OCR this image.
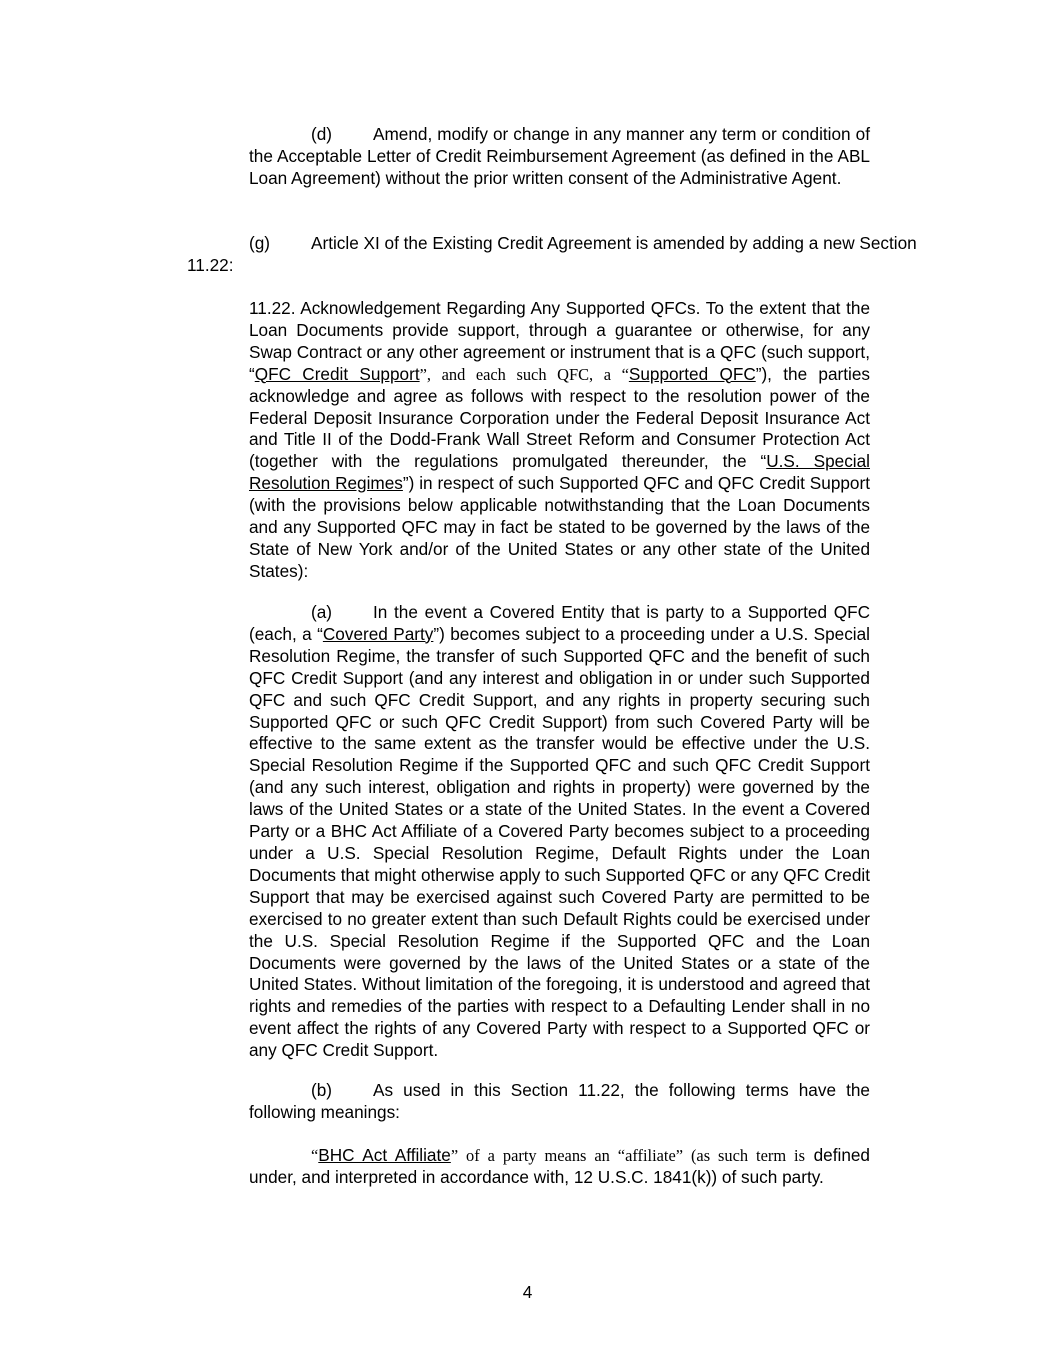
(d) Amend, modify or change in any manner any term or condition of the Acceptable Letter of Credit Reimbursement Agreement (as defined in the ABL Loan Agreement) without the prior written consent of the Administrative Agent.

(g) Article XI of the Existing Credit Agreement is amended by adding a new Section

11.22:

11.22. Acknowledgement Regarding Any Supported QFCs. To the extent that the Loan Documents provide support, through a guarantee or otherwise, for any Swap Contract or any other agreement or instrument that is a QFC (such support, “QFC Credit Support”, and each such QFC, a “Supported QFC”), the parties acknowledge and agree as follows with respect to the resolution power of the Federal Deposit Insurance Corporation under the Federal Deposit Insurance Act and Title II of the Dodd-Frank Wall Street Reform and Consumer Protection Act (together with the regulations promulgated thereunder, the “U.S. Special Resolution Regimes”) in respect of such Supported QFC and QFC Credit Support (with the provisions below applicable notwithstanding that the Loan Documents and any Supported QFC may in fact be stated to be governed by the laws of the State of New York and/or of the United States or any other state of the United States):

(a) In the event a Covered Entity that is party to a Supported QFC (each, a “Covered Party”) becomes subject to a proceeding under a U.S. Special Resolution Regime, the transfer of such Supported QFC and the benefit of such QFC Credit Support (and any interest and obligation in or under such Supported QFC and such QFC Credit Support, and any rights in property securing such Supported QFC or such QFC Credit Support) from such Covered Party will be effective to the same extent as the transfer would be effective under the U.S. Special Resolution Regime if the Supported QFC and such QFC Credit Support (and any such interest, obligation and rights in property) were governed by the laws of the United States or a state of the United States. In the event a Covered Party or a BHC Act Affiliate of a Covered Party becomes subject to a proceeding under a U.S. Special Resolution Regime, Default Rights under the Loan Documents that might otherwise apply to such Supported QFC or any QFC Credit Support that may be exercised against such Covered Party are permitted to be exercised to no greater extent than such Default Rights could be exercised under the U.S. Special Resolution Regime if the Supported QFC and the Loan Documents were governed by the laws of the United States or a state of the United States. Without limitation of the foregoing, it is understood and agreed that rights and remedies of the parties with respect to a Defaulting Lender shall in no event affect the rights of any Covered Party with respect to a Supported QFC or any QFC Credit Support.

(b) As used in this Section 11.22, the following terms have the following meanings:

“BHC Act Affiliate” of a party means an “affiliate” (as such term is defined under, and interpreted in accordance with, 12 U.S.C. 1841(k)) of such party.

4
